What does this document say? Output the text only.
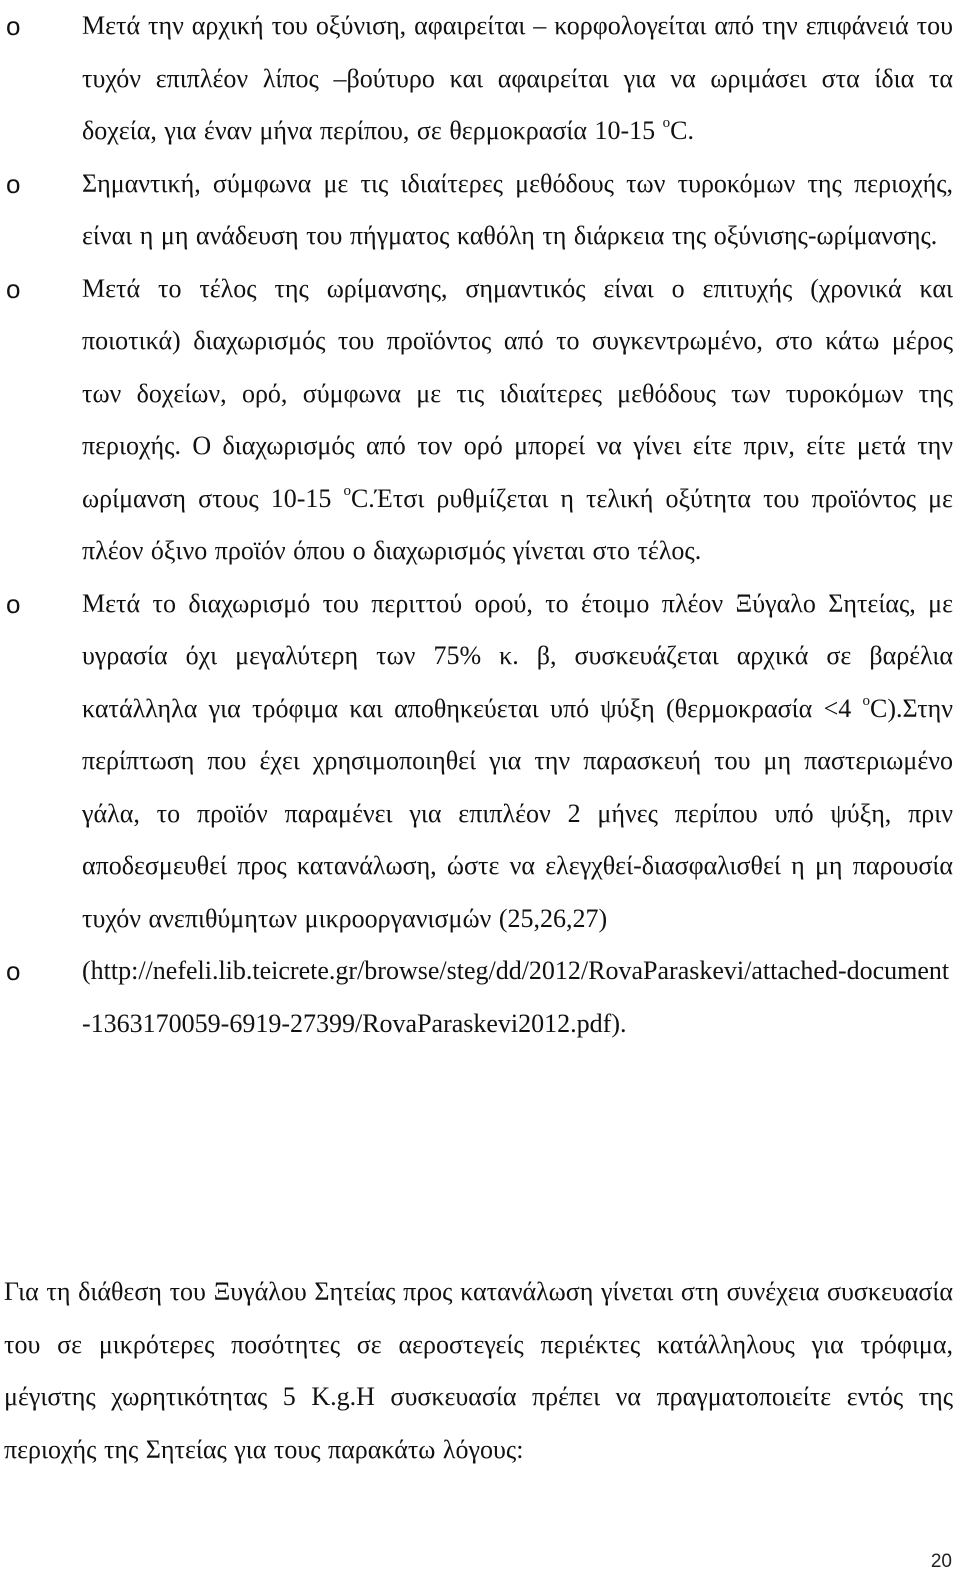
o Μετά την αρχική του οξύνιση, αφαιρείται – κορφολογείται από την επιφάνειά του τυχόν επιπλέον λίπος –βούτυρο και αφαιρείται για να ωριμάσει στα ίδια τα δοχεία, για έναν μήνα περίπου, σε θερμοκρασία 10-15 $^o$C.
o Σημαντική, σύμφωνα με τις ιδιαίτερες μεθόδους των τυροκόμων της περιοχής, είναι η μη ανάδευση του πήγματος καθόλη τη διάρκεια της οξύνισης-ωρίμανσης.
o Μετά το τέλος της ωρίμανσης, σημαντικός είναι ο επιτυχής (χρονικά και ποιοτικά) διαχωρισμός του προϊόντος από το συγκεντρωμένο, στο κάτω μέρος των δοχείων, ορό, σύμφωνα με τις ιδιαίτερες μεθόδους των τυροκόμων της περιοχής. Ο διαχωρισμός από τον ορό μπορεί να γίνει είτε πριν, είτε μετά την ωρίμανση στους 10-15 $^o$C.Έτσι ρυθμίζεται η τελική οξύτητα του προϊόντος με πλέον όξινο προϊόν όπου ο διαχωρισμός γίνεται στο τέλος.
o Μετά το διαχωρισμό του περιττού ορού, το έτοιμο πλέον Ξύγαλο Σητείας, με υγρασία όχι μεγαλύτερη των 75% κ. β, συσκευάζεται αρχικά σε βαρέλια κατάλληλα για τρόφιμα και αποθηκεύεται υπό ψύξη (θερμοκρασία <4 $^o$C).Στην περίπτωση που έχει χρησιμοποιηθεί για την παρασκευή του μη παστεριωμένο γάλα, το προϊόν παραμένει για επιπλέον 2 μήνες περίπου υπό ψύξη, πριν αποδεσμευθεί προς κατανάλωση, ώστε να ελεγχθεί-διασφαλισθεί η μη παρουσία τυχόν ανεπιθύμητων μικροοργανισμών (25,26,27)
o (http://nefeli.lib.teicrete.gr/browse/steg/dd/2012/RovaParaskevi/attached-document-1363170059-6919-27399/RovaParaskevi2012.pdf).

Για τη διάθεση του Ξυγάλου Σητείας προς κατανάλωση γίνεται στη συνέχεια συσκευασία του σε μικρότερες ποσότητες σε αεροστεγείς περιέκτες κατάλληλους για τρόφιμα, μέγιστης χωρητικότητας 5 K.g.H συσκευασία πρέπει να πραγματοποιείτε εντός της περιοχής της Σητείας για τους παρακάτω λόγους:

20
